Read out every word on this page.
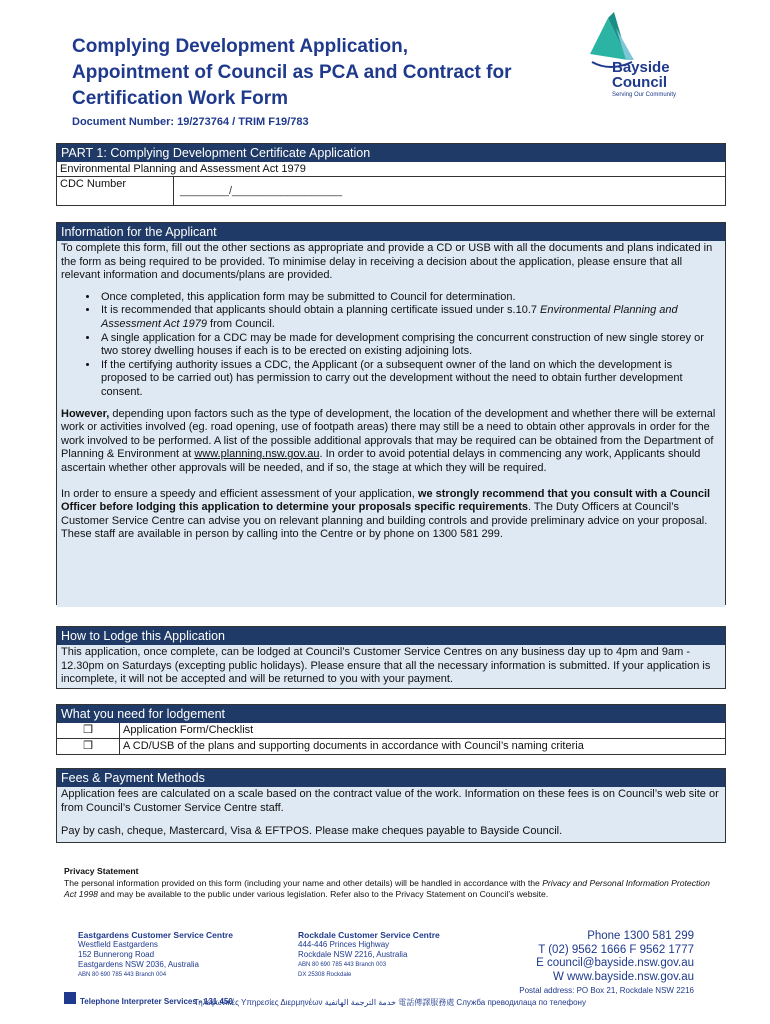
Complying Development Application,
Appointment of Council as PCA and Contract for
Certification Work Form
Document Number: 19/273764 / TRIM F19/783
Bayside
Council
Serving Our Community
PART 1: Complying Development Certificate Application
Environmental Planning and Assessment Act 1979
CDC Number
________/__________________
Information for the Applicant

To complete this form, fill out the other sections as appropriate and provide a CD or USB with all the documents and plans indicated in the form as being required to be provided. To minimise delay in receiving a decision about the application, please ensure that all relevant information and documents/plans are provided.

• Once completed, this application form may be submitted to Council for determination.
• It is recommended that applicants should obtain a planning certificate issued under s.10.7 Environmental Planning and Assessment Act 1979 from Council.
• A single application for a CDC may be made for development comprising the concurrent construction of new single storey or two storey dwelling houses if each is to be erected on existing adjoining lots.
• If the certifying authority issues a CDC, the Applicant (or a subsequent owner of the land on which the development is proposed to be carried out) has permission to carry out the development without the need to obtain further development consent.

However, depending upon factors such as the type of development, the location of the development and whether there will be external work or activities involved (eg. road opening, use of footpath areas) there may still be a need to obtain other approvals in order for the work involved to be performed. A list of the possible additional approvals that may be required can be obtained from the Department of Planning & Environment at www.planning.nsw.gov.au. In order to avoid potential delays in commencing any work, Applicants should ascertain whether other approvals will be needed, and if so, the stage at which they will be required.

In order to ensure a speedy and efficient assessment of your application, we strongly recommend that you consult with a Council Officer before lodging this application to determine your proposals specific requirements. The Duty Officers at Council’s Customer Service Centre can advise you on relevant planning and building controls and provide preliminary advice on your proposal. These staff are available in person by calling into the Centre or by phone on 1300 581 299.

How to Lodge this Application

This application, once complete, can be lodged at Council’s Customer Service Centres on any business day up to 4pm and 9am - 12.30pm on Saturdays (excepting public holidays). Please ensure that all the necessary information is submitted. If your application is incomplete, it will not be accepted and will be returned to you with your payment.

What you need for lodgement
❒	Application Form/Checklist
❒	A CD/USB of the plans and supporting documents in accordance with Council’s naming criteria
Fees & Payment Methods

Application fees are calculated on a scale based on the contract value of the work. Information on these fees is on Council’s web site or from Council’s Customer Service Centre staff.

Pay by cash, cheque, Mastercard, Visa & EFTPOS. Please make cheques payable to Bayside Council.

Privacy Statement
The personal information provided on this form (including your name and other details) will be handled in accordance with the Privacy and Personal Information Protection Act 1998 and may be available to the public under various legislation. Refer also to the Privacy Statement on Council’s website.
Eastgardens Customer Service Centre
Westfield Eastgardens
152 Bunnerong Road
Eastgardens NSW 2036, Australia
ABN 80 690 785 443 Branch 004
Rockdale Customer Service Centre
444-446 Princes Highway
Rockdale NSW 2216, Australia
ABN 80 690 785 443 Branch 003
DX 25308 Rockdale
Phone 1300 581 299
T (02) 9562 1666 F 9562 1777
E council@bayside.nsw.gov.au
W www.bayside.nsw.gov.au
Postal address: PO Box 21, Rockdale NSW 2216
Telephone Interpreter Services - 131 450
Τηλεφωνικές Υπηρεσίες Διερμηνέων خدمة الترجمة الهاتفية 電話傳譯服務處 Служба преводилаца по телефону
